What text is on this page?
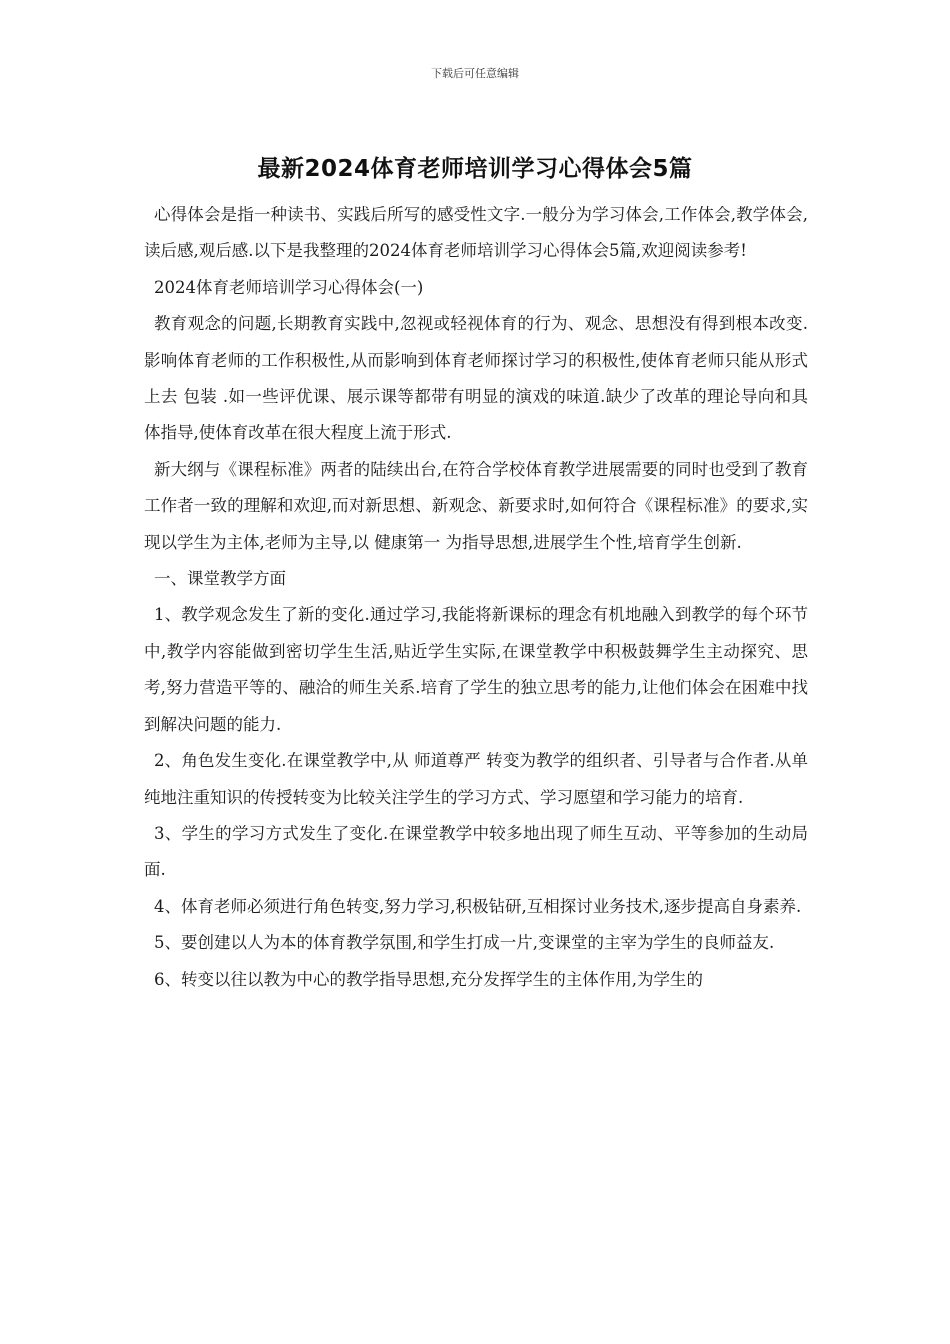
下载后可任意编辑
最新2024体育老师培训学习心得体会5篇

心得体会是指一种读书、实践后所写的感受性文字.一般分为学习体会,工作体会,教学体会,读后感,观后感.以下是我整理的2024体育老师培训学习心得体会5篇,欢迎阅读参考!

2024体育老师培训学习心得体会(一)

教育观念的问题,长期教育实践中,忽视或轻视体育的行为、观念、思想没有得到根本改变.影响体育老师的工作积极性,从而影响到体育老师探讨学习的积极性,使体育老师只能从形式上去 包装 .如一些评优课、展示课等都带有明显的演戏的味道.缺少了改革的理论导向和具体指导,使体育改革在很大程度上流于形式.

新大纲与《课程标准》两者的陆续出台,在符合学校体育教学进展需要的同时也受到了教育工作者一致的理解和欢迎,而对新思想、新观念、新要求时,如何符合《课程标准》的要求,实现以学生为主体,老师为主导,以 健康第一 为指导思想,进展学生个性,培育学生创新.

一、课堂教学方面

1、教学观念发生了新的变化.通过学习,我能将新课标的理念有机地融入到教学的每个环节中,教学内容能做到密切学生生活,贴近学生实际,在课堂教学中积极鼓舞学生主动探究、思考,努力营造平等的、融洽的师生关系.培育了学生的独立思考的能力,让他们体会在困难中找到解决问题的能力.

2、角色发生变化.在课堂教学中,从 师道尊严 转变为教学的组织者、引导者与合作者.从单纯地注重知识的传授转变为比较关注学生的学习方式、学习愿望和学习能力的培育.

3、学生的学习方式发生了变化.在课堂教学中较多地出现了师生互动、平等参加的生动局面.

4、体育老师必须进行角色转变,努力学习,积极钻研,互相探讨业务技术,逐步提高自身素养.

5、要创建以人为本的体育教学氛围,和学生打成一片,变课堂的主宰为学生的良师益友.

6、转变以往以教为中心的教学指导思想,充分发挥学生的主体作用,为学生的
